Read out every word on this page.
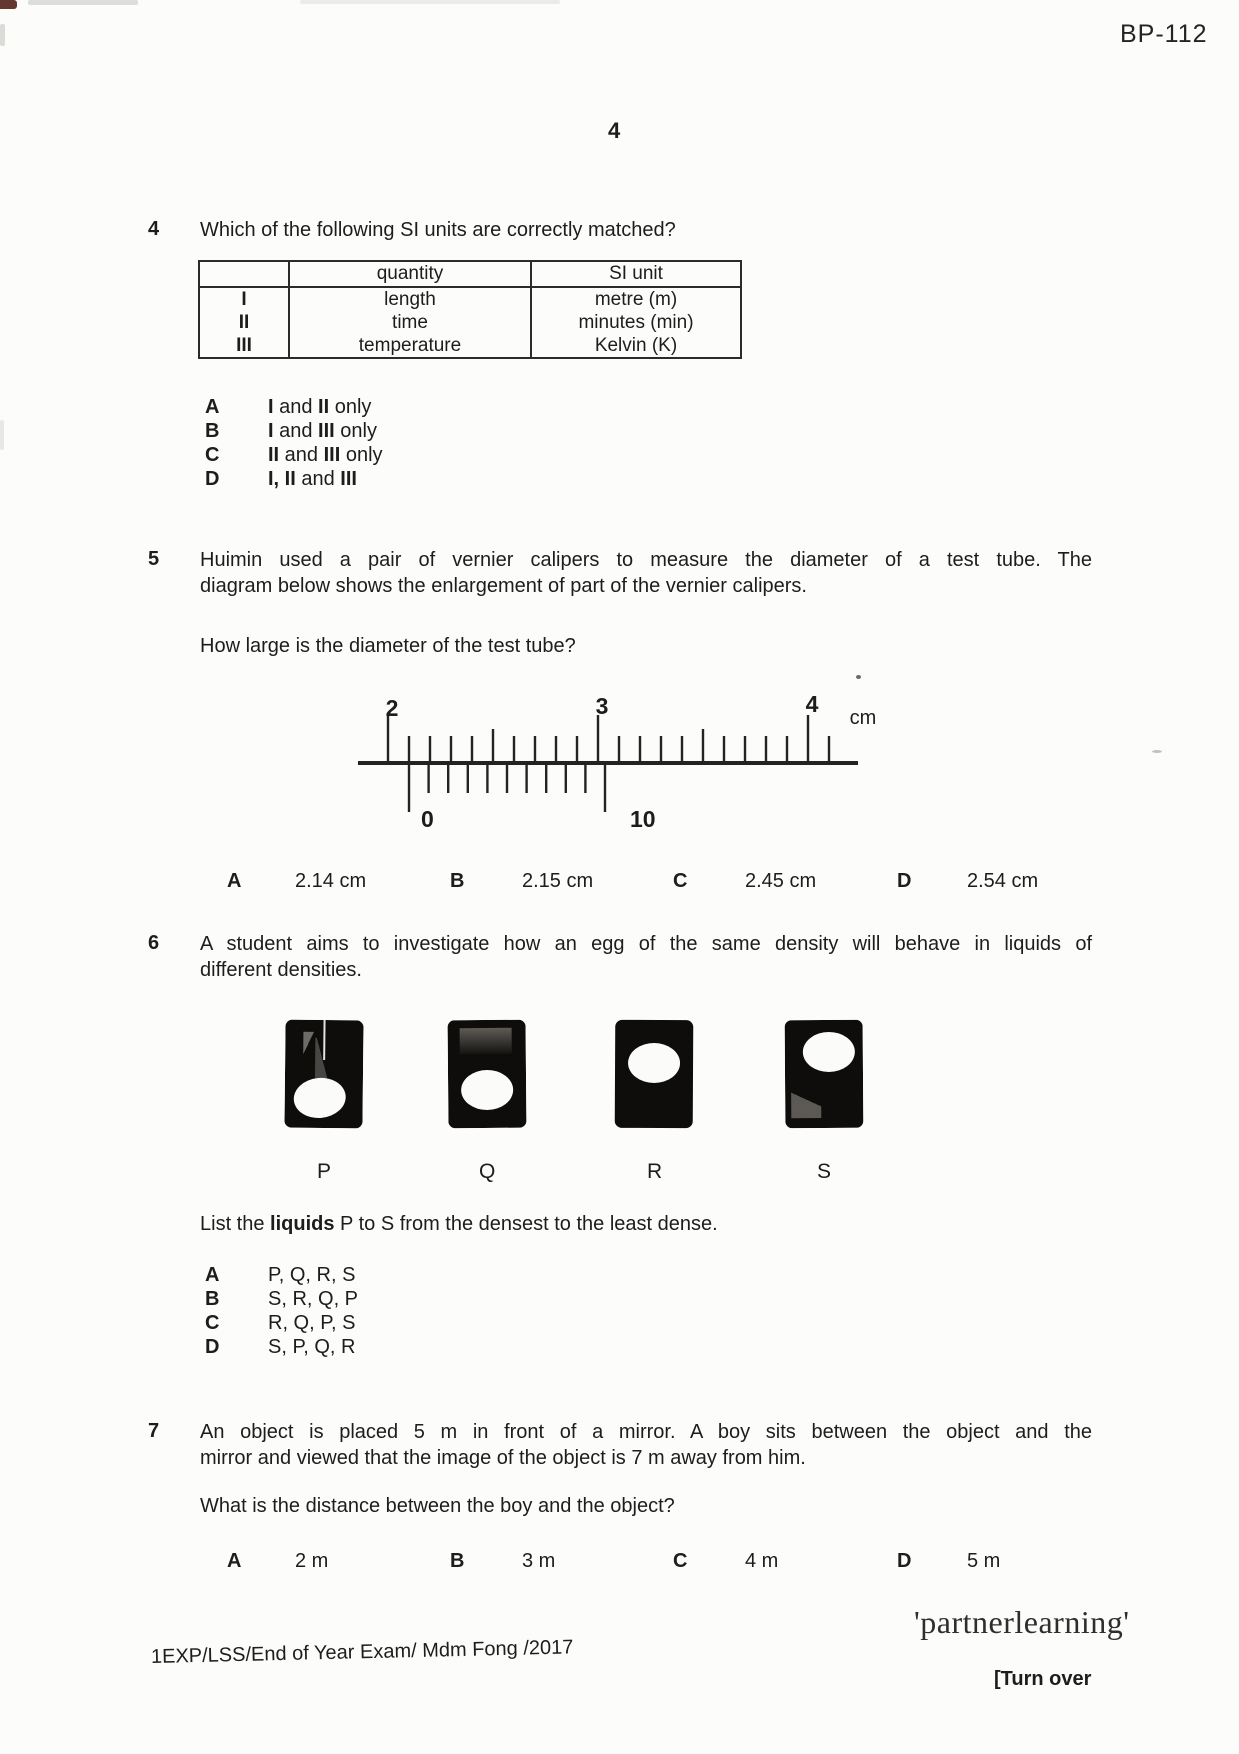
BP-112
4
4 Which of the following SI units are correctly matched?
	quantity	SI unit
I	length	metre (m)
II	time	minutes (min)
III	temperature	Kelvin (K)
A I and II only
B I and III only
C II and III only
D I, II and III
5 Huimin used a pair of vernier calipers to measure the diameter of a test tube. The
diagram below shows the enlargement of part of the vernier calipers.
How large is the diameter of the test tube?
2	3	4
cm
0	10
A	2.14 cm	B	2.15 cm	C	2.45 cm	D	2.54 cm
6 A student aims to investigate how an egg of the same density will behave in liquids of
different densities.
P	Q	R	S
List the liquids P to S from the densest to the least dense.
A P, Q, R, S
B S, R, Q, P
C R, Q, P, S
D S, P, Q, R
7 An object is placed 5 m in front of a mirror. A boy sits between the object and the
mirror and viewed that the image of the object is 7 m away from him.
What is the distance between the boy and the object?
A	2 m	B	3 m	C	4 m	D	5 m
'partnerlearning'
1EXP/LSS/End of Year Exam/ Mdm Fong /2017
[Turn over
